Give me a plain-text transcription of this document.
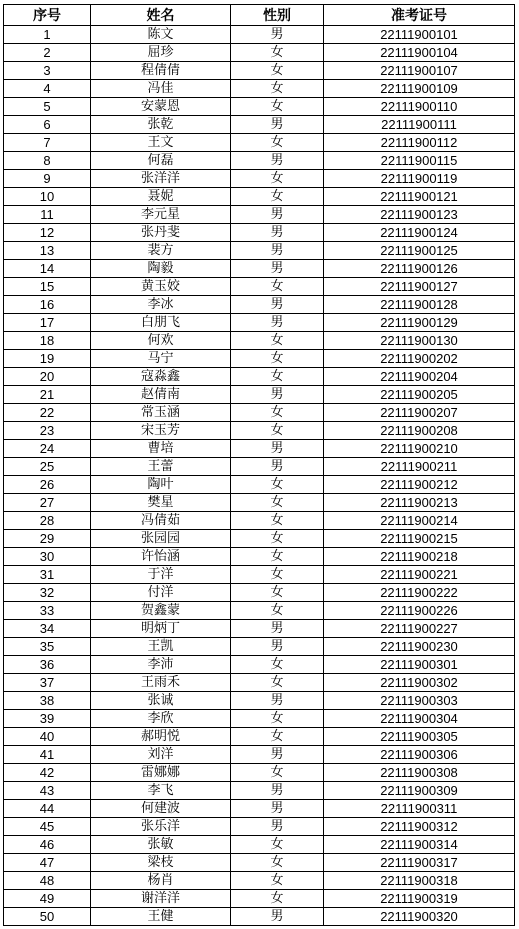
序号	姓名	性别	准考证号
1	陈文	男	22111900101
2	屈珍	女	22111900104
3	程倩倩	女	22111900107
4	冯佳	女	22111900109
5	安蒙恩	女	22111900110
6	张乾	男	22111900111
7	王文	女	22111900112
8	何磊	男	22111900115
9	张洋洋	女	22111900119
10	聂妮	女	22111900121
11	李元星	男	22111900123
12	张丹斐	男	22111900124
13	裴方	男	22111900125
14	陶毅	男	22111900126
15	黄玉姣	女	22111900127
16	李冰	男	22111900128
17	白朋飞	男	22111900129
18	何欢	女	22111900130
19	马宁	女	22111900202
20	寇淼鑫	女	22111900204
21	赵倩南	男	22111900205
22	常玉涵	女	22111900207
23	宋玉芳	女	22111900208
24	曹培	男	22111900210
25	王蕾	男	22111900211
26	陶叶	女	22111900212
27	樊星	女	22111900213
28	冯倩茹	女	22111900214
29	张园园	女	22111900215
30	许怡涵	女	22111900218
31	于洋	女	22111900221
32	付洋	女	22111900222
33	贺鑫蒙	女	22111900226
34	明炳丁	男	22111900227
35	王凯	男	22111900230
36	李沛	女	22111900301
37	王雨禾	女	22111900302
38	张诚	男	22111900303
39	李欣	女	22111900304
40	郝明悦	女	22111900305
41	刘洋	男	22111900306
42	雷娜娜	女	22111900308
43	李飞	男	22111900309
44	何建波	男	22111900311
45	张乐洋	男	22111900312
46	张敏	女	22111900314
47	梁枝	女	22111900317
48	杨肖	女	22111900318
49	谢洋洋	女	22111900319
50	王健	男	22111900320
